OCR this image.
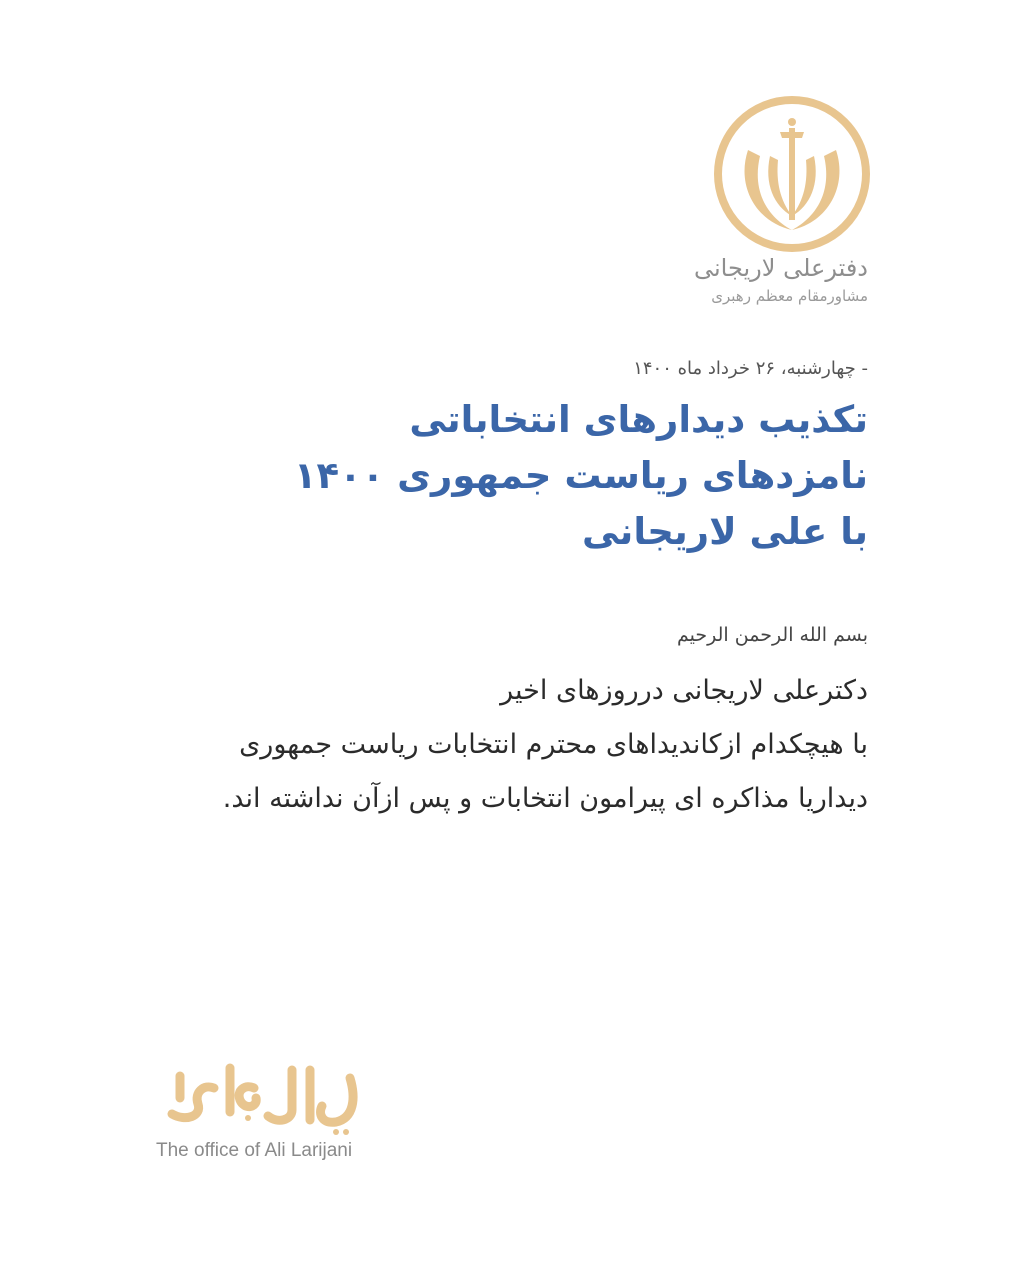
دفترعلی لاریجانی
مشاورمقام معظم رهبری
- چهارشنبه، ۲۶ خرداد ماه ۱۴۰۰
تکذیب دیدارهای انتخاباتی
نامزدهای ریاست جمهوری ۱۴۰۰
با علی لاریجانی
بسم الله الرحمن الرحیم
دکترعلی لاریجانی درروزهای اخیر
با هیچکدام ازکاندیداهای محترم انتخابات ریاست جمهوری
دیداریا مذاکره ای پیرامون انتخابات و پس ازآن نداشته اند.
The office of Ali Larijani
